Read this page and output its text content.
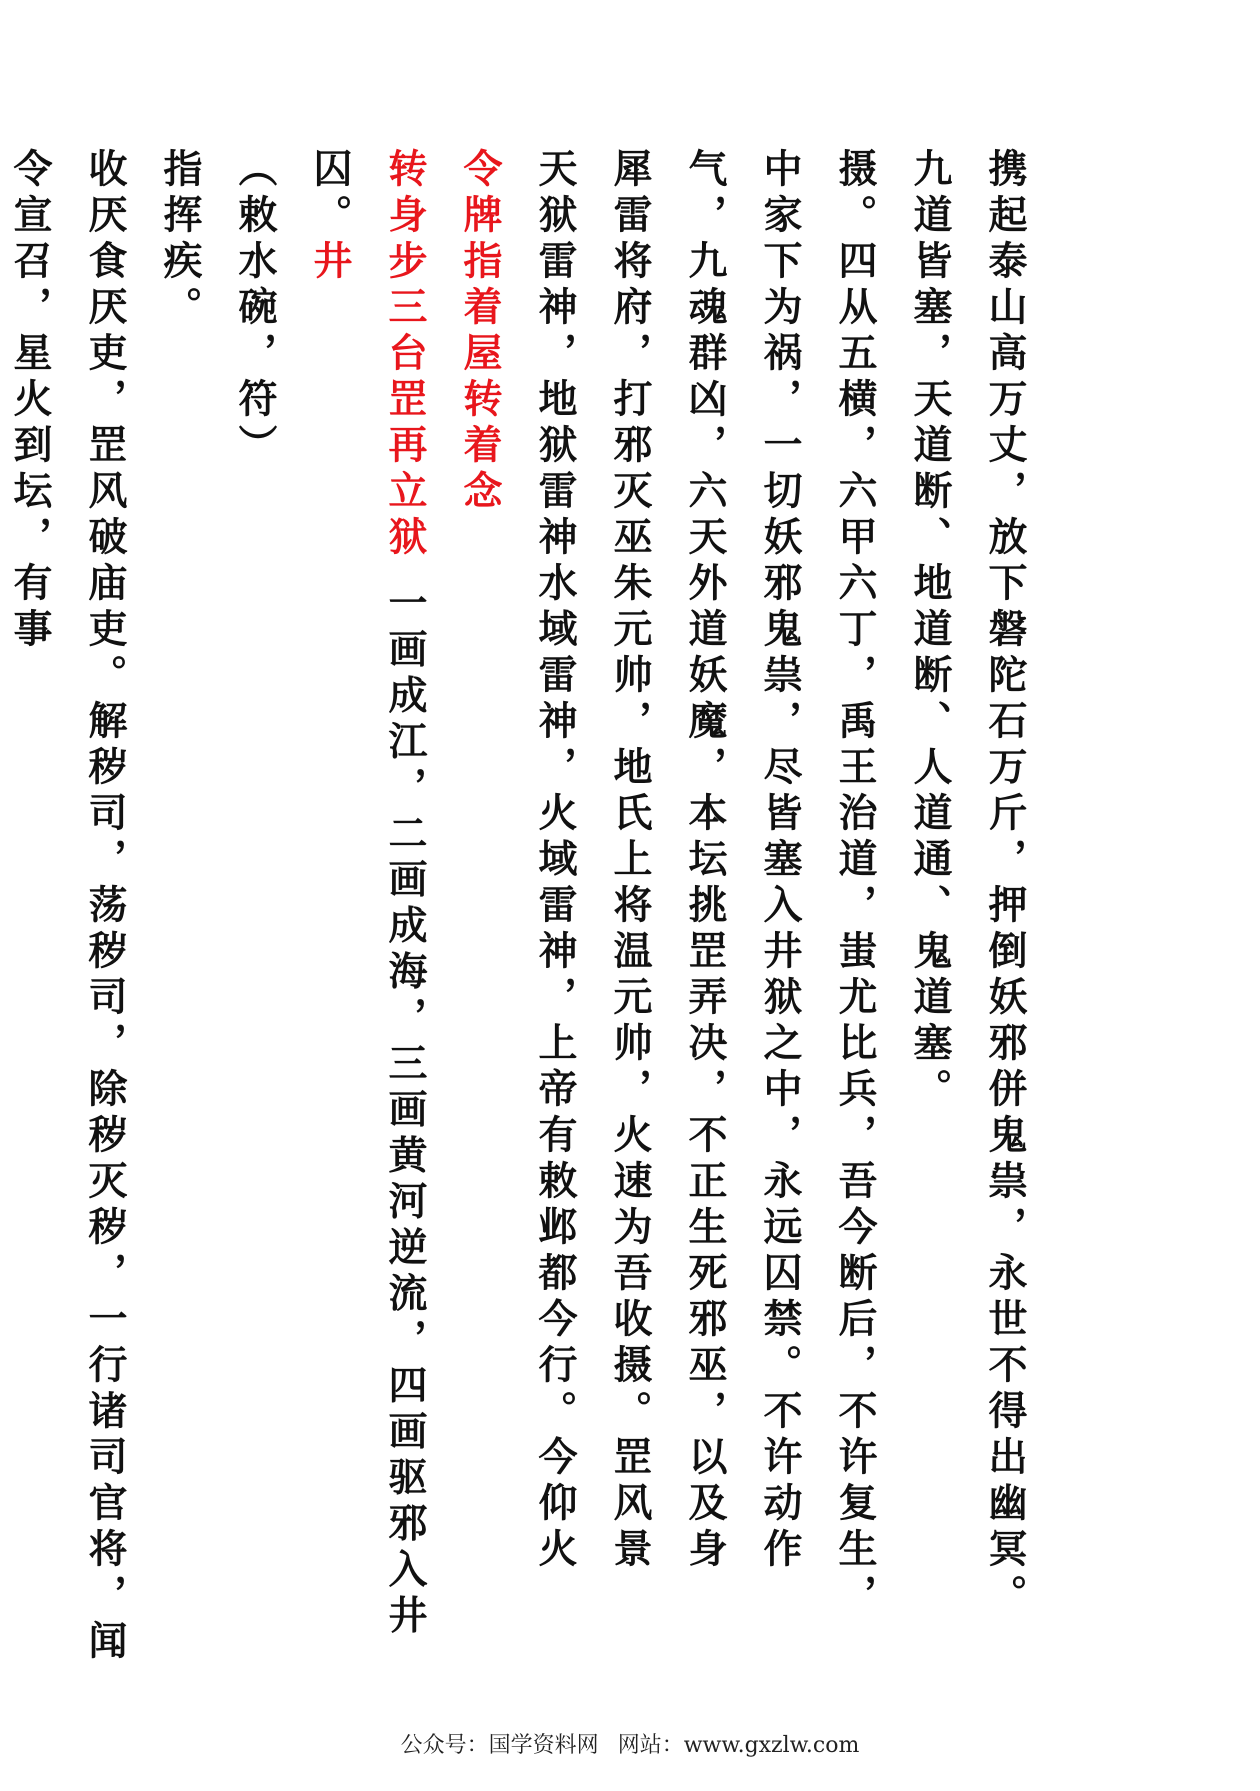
携起泰山高万丈，放下磐陀石万斤，押倒妖邪併鬼祟，永世不得出幽冥。
九道皆塞，天道断、地道断、人道通、鬼道塞。
摄。四从五横，六甲六丁，禹王治道，蚩尤比兵，吾今断后，不许复生，
中家下为祸，一切妖邪鬼祟，尽皆塞入井狱之中，永远囚禁。不许动作
气，九魂群凶，六天外道妖魔，本坛挑罡弄决，不正生死邪巫，以及身
犀雷将府，打邪灭巫朱元帅，地氏上将温元帅，火速为吾收摄。罡风景
天狱雷神，地狱雷神水域雷神，火域雷神，上帝有敕邺都今行。今仰火
令牌指着屋转着念
转身步三台罡再立狱 一画成江，二画成海，三画黄河逆流，四画驱邪入井囚。井
（敕水碗，符）
指挥疾。
收厌食厌吏，罡风破庙吏。解秽司，荡秽司，除秽灭秽，一行诸司官将，闻令宣召，星火到坛，有事
公众号：国学资料网 网站：www.gxzlw.com
